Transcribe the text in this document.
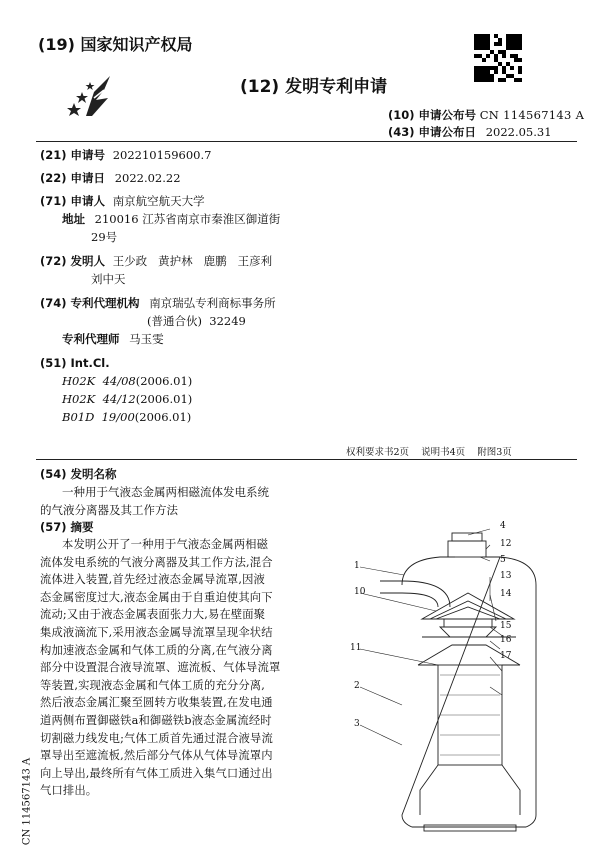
(19) 国家知识产权局
(12) 发明专利申请
(10) 申请公布号 CN 114567143 A
(43) 申请公布日 2022.05.31
(21) 申请号 202210159600.7
(22) 申请日 2022.02.22
(71) 申请人 南京航空航天大学
地址 210016 江苏省南京市秦淮区御道街
29号
(72) 发明人 王少政   黄护林   鹿鹏   王彦利
刘中天
(74) 专利代理机构 南京瑞弘专利商标事务所
(普通合伙)  32249
专利代理师 马玉雯
(51) Int.Cl.
H02K  44/08(2006.01)
H02K  44/12(2006.01)
B01D  19/00(2006.01)
权利要求书2页    说明书4页    附图3页
(54) 发明名称
一种用于气液态金属两相磁流体发电系统
的气液分离器及其工作方法
(57) 摘要
本发明公开了一种用于气液态金属两相磁
流体发电系统的气液分离器及其工作方法,混合
流体进入装置,首先经过液态金属导流罩,因液
态金属密度过大,液态金属由于自重迫使其向下
流动;又由于液态金属表面张力大,易在壁面聚
集成液滴流下,采用液态金属导流罩呈现伞状结
构加速液态金属和气体工质的分离,在气液分离
部分中设置混合液导流罩、遮流板、气体导流罩
等装置,实现液态金属和气体工质的充分分离,
然后液态金属汇聚至圆转方收集装置,在发电通
道两侧布置御磁铁a和御磁铁b液态金属流经时
切割磁力线发电;气体工质首先通过混合液导流
罩导出至遮流板,然后部分气体从气体导流罩内
向上导出,最终所有气体工质进入集气口通过出
气口排出。
CN 114567143 A
1
10
11
2
3
4
12
5
13
14
15
16
17
